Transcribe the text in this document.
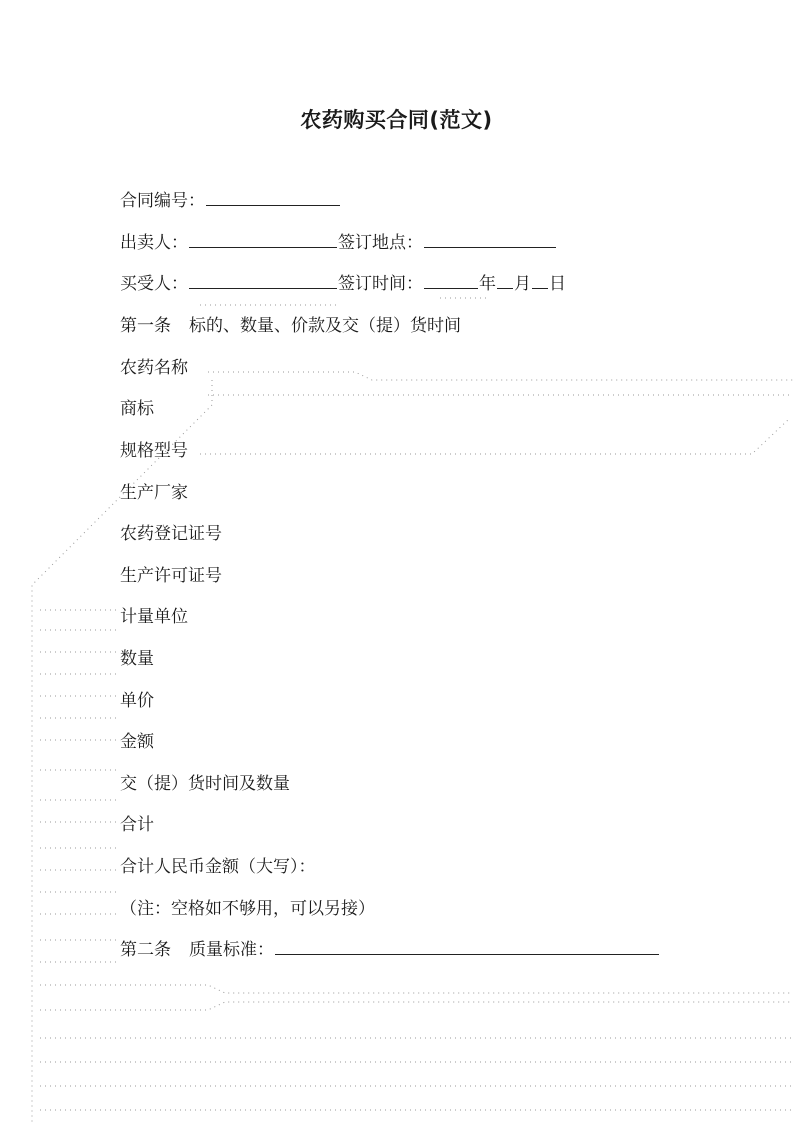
农药购买合同(范文)
合同编号：
出卖人：	签订地点：
买受人：	签订时间：	年 月 日
第一条 标的、数量、价款及交（提）货时间
农药名称
商标
规格型号
生产厂家
农药登记证号
生产许可证号
计量单位
数量
单价
金额
交（提）货时间及数量
合计
合计人民币金额（大写）：
（注：空格如不够用，可以另接）
第二条 质量标准：
